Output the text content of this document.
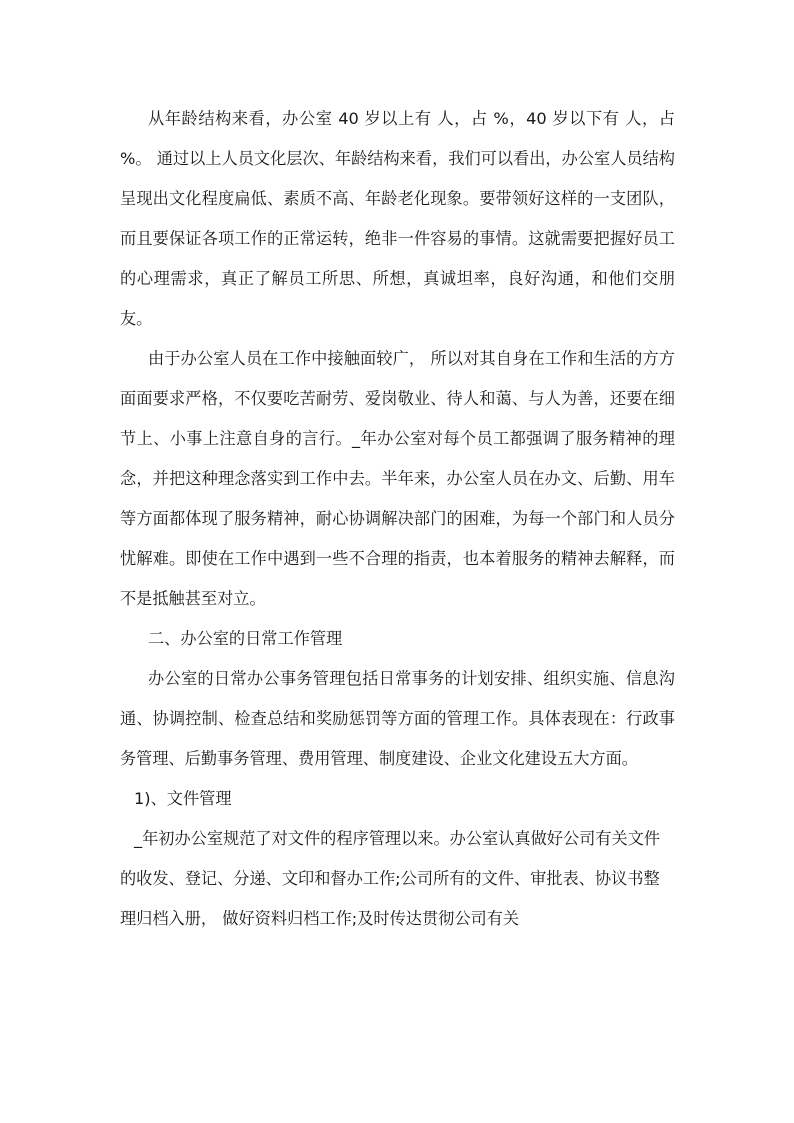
从年龄结构来看，办公室 40 岁以上有 人，占 %，40 岁以下有 人，占 %。 通过以上人员文化层次、年龄结构来看，我们可以看出，办公室人员结构呈现出文化程度扁低、素质不高、年龄老化现象。要带领好这样的一支团队，而且要保证各项工作的正常运转，绝非一件容易的事情。这就需要把握好员工的心理需求，真正了解员工所思、所想，真诚坦率，良好沟通，和他们交朋友。

由于办公室人员在工作中接触面较广， 所以对其自身在工作和生活的方方面面要求严格，不仅要吃苦耐劳、爱岗敬业、待人和蔼、与人为善，还要在细节上、小事上注意自身的言行。_年办公室对每个员工都强调了服务精神的理念，并把这种理念落实到工作中去。半年来，办公室人员在办文、后勤、用车等方面都体现了服务精神，耐心协调解决部门的困难，为每一个部门和人员分忧解难。即使在工作中遇到一些不合理的指责，也本着服务的精神去解释，而不是抵触甚至对立。

二、办公室的日常工作管理

办公室的日常办公事务管理包括日常事务的计划安排、组织实施、信息沟通、协调控制、检查总结和奖励惩罚等方面的管理工作。具体表现在：行政事务管理、后勤事务管理、费用管理、制度建设、企业文化建设五大方面。

1)、文件管理

_年初办公室规范了对文件的程序管理以来。办公室认真做好公司有关文件的收发、登记、分递、文印和督办工作;公司所有的文件、审批表、协议书整理归档入册， 做好资料归档工作;及时传达贯彻公司有关
